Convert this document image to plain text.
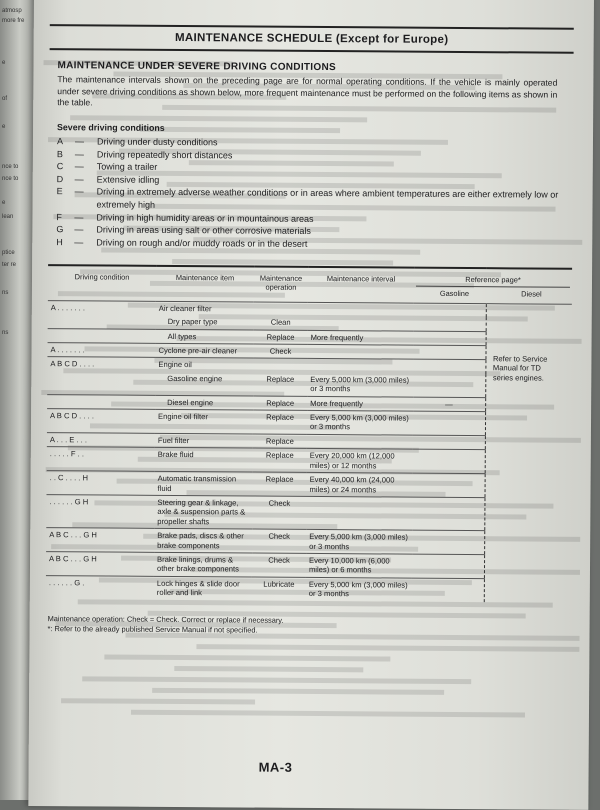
atmosp
more fre
e
of
e
nce to
nce to
e
lean
ptice
ter re
ns
ns
MAINTENANCE SCHEDULE (Except for Europe)
MAINTENANCE UNDER SEVERE DRIVING CONDITIONS
The maintenance intervals shown on the preceding page are for normal operating conditions. If the vehicle is mainly operated under severe driving conditions as shown below, more frequent maintenance must be performed on the following items as shown in the table.
Severe driving conditions
A	—	Driving under dusty conditions
B	—	Driving repeatedly short distances
C	—	Towing a trailer
D	—	Extensive idling
E	—	Driving in extremely adverse weather conditions or in areas where ambient temperatures are either extremely low or extremely high
F	—	Driving in high humidity areas or in mountainous areas
G	—	Driving in areas using salt or other corrosive materials
H	—	Driving on rough and/or muddy roads or in the desert
Driving condition	Maintenance item	Maintenance operation	Maintenance interval	Reference page*
Gasoline Diesel	

A . . . . . . .	Air cleaner filter				Refer to Service Manual for TD series engines.

	Dry paper type	Clean			
	All types	Replace	More frequently		
A . . . . . . .	Cyclone pre-air cleaner	Check			
A B C D . . . .	Engine oil				
	Gasoline engine	Replace	Every 5,000 km (3,000 miles) or 3 months		
	Diesel engine	Replace	More frequently	—	
A B C D . . . .	Engine oil filter	Replace	Every 5,000 km (3,000 miles) or 3 months		
A . . . E . . .	Fuel filter	Replace			
. . . . . F . .	Brake fluid	Replace	Every 20,000 km (12,000 miles) or 12 months		
. . C . . . . H	Automatic transmission fluid	Replace	Every 40,000 km (24,000 miles) or 24 months		
. . . . . . G H	Steering gear & linkage, axle & suspension parts & propeller shafts	Check			
A B C . . . G H	Brake pads, discs & other brake components	Check	Every 5,000 km (3,000 miles) or 3 months		
A B C . . . G H	Brake linings, drums & other brake components	Check	Every 10,000 km (6,000 miles) or 6 months		
. . . . . . G .	Lock hinges & slide door roller and link	Lubricate	Every 5,000 km (3,000 miles) or 3 months		
Maintenance operation: Check = Check. Correct or replace if necessary.
*: Refer to the already published Service Manual if not specified.
MA-3
